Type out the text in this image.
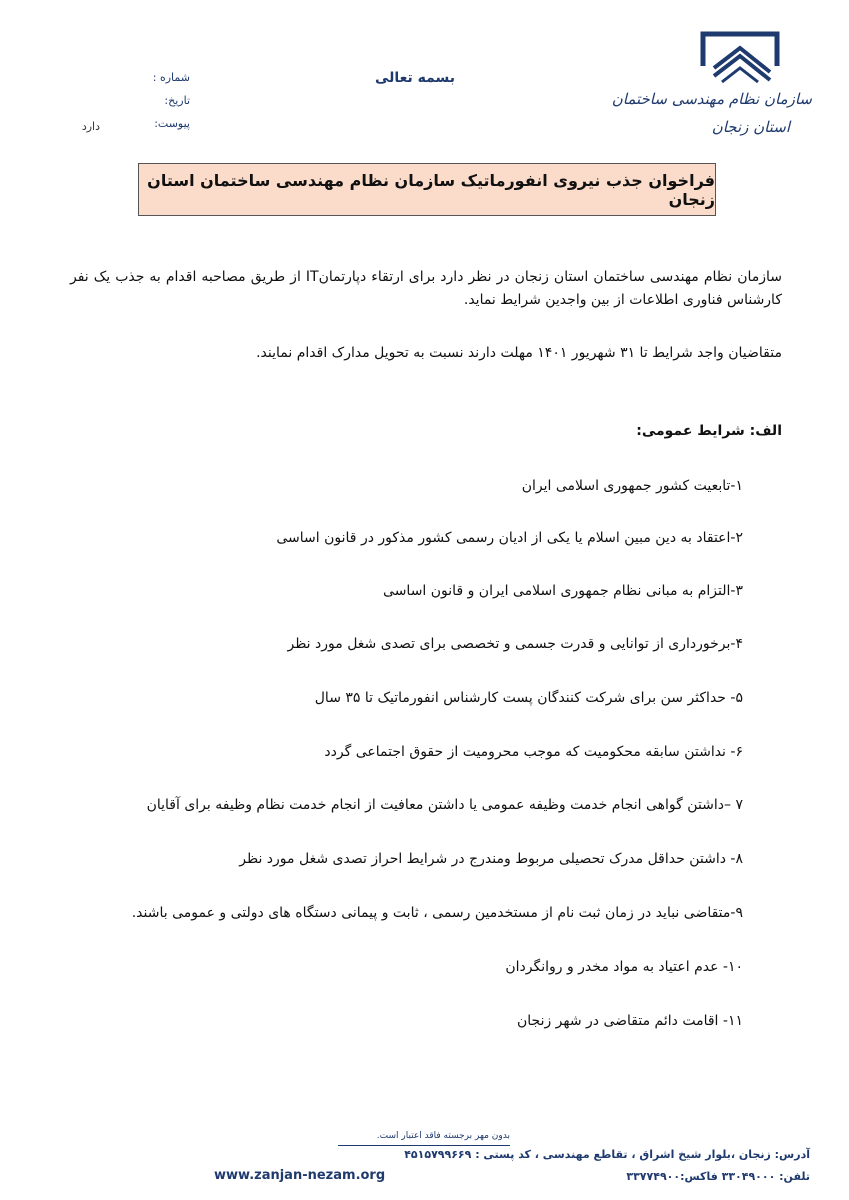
سازمان نظام مهندسی ساختمان
استان زنجان
بسمه تعالی
شماره :
تاریخ:
پیوست:
دارد
فراخوان جذب نیروی انفورماتیک سازمان نظام مهندسی ساختمان استان زنجان
سازمان نظام مهندسی ساختمان استان زنجان در نظر دارد برای ارتقاء دپارتمانIT از طریق مصاحبه اقدام به جذب یک نفر کارشناس فناوری اطلاعات از بین واجدین شرایط نماید.
متقاضیان واجد شرایط تا ۳۱ شهریور ۱۴۰۱ مهلت دارند نسبت به تحویل مدارک اقدام نمایند.
الف: شرایط عمومی:
۱-تابعیت کشور جمهوری اسلامی ایران
۲-اعتقاد به دین مبین اسلام یا یکی از ادیان رسمی کشور مذکور در قانون اساسی
۳-التزام به مبانی نظام جمهوری اسلامی ایران و قانون اساسی
۴-برخورداری از توانایی و قدرت جسمی و تخصصی برای تصدی شغل مورد نظر
۵- حداکثر سن برای شرکت کنندگان پست کارشناس انفورماتیک تا ۳۵ سال
۶- نداشتن سابقه محکومیت که موجب محرومیت از حقوق اجتماعی گردد
۷ –داشتن گواهی انجام خدمت وظیفه عمومی یا داشتن معافیت از انجام خدمت نظام وظیفه برای آقایان
۸- داشتن حداقل مدرک تحصیلی مربوط ومندرج در شرایط احراز تصدی شغل مورد نظر
۹-متقاضی نباید در زمان ثبت نام از مستخدمین رسمی ، ثابت و پیمانی دستگاه های دولتی و عمومی باشند.
۱۰- عدم اعتیاد به مواد مخدر و روانگردان
۱۱- اقامت دائم متقاضی در شهر زنجان
بدون مهر برجسته فاقد اعتبار است.
آدرس: زنجان ،بلوار شیخ اشراق ، تقاطع مهندسی ، کد پستی : ۴۵۱۵۷۹۹۶۶۹
تلفن: ۳۳۰۴۹۰۰۰ فاکس:۳۳۷۷۴۹۰۰
www.zanjan-nezam.org
